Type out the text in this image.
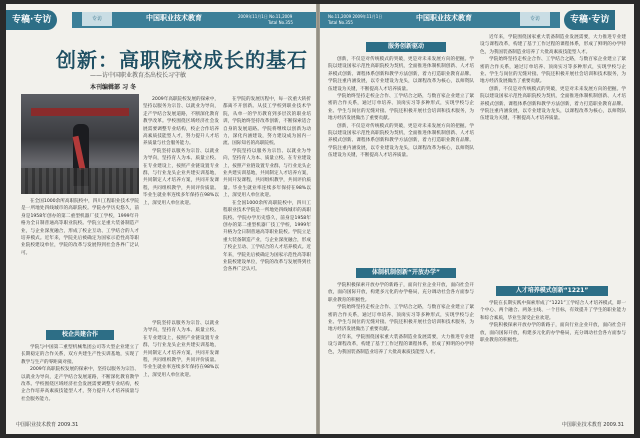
专稿·专访	专访	中国职业技术教育	2009年11月1日 No.11,2009
Total No.355
创新：高职院校成长的基石
——访中国职业教育杰出校长习守敏
本刊编辑部 习 冬

2009年高职院校发展的探索中，坚持以服务为宗旨、以就业为导向，走产学结合发展道路，不断深化教育教学改革。学校围绕区域经济社会发展需要调整专业结构，校企合作培养高素质技能型人才，努力提升人才培养质量与社会服务能力。

学院坚持以服务为宗旨、以就业为导向，坚持育人为本、质量立校。在专业建设上，按照产业链设置专业群，与行业龙头企业共建实训基地，共同制定人才培养方案，共同开发课程，共同组织教学，共同评价质量。毕业生就业率连续多年保持在98%以上，深受用人单位欢迎。

在学院的发展历程中，每一次重大转折都离不开创新。从技工学校到职业技术学院，从单一的学历教育到多层次的职业培训，学院始终坚持改革创新，不断探索适合自身的发展道路。学院将继续以创新为动力，深化内涵建设，努力建设成为国内一流、国际知名的高职院校。

学院坚持以服务为宗旨、以就业为导向，坚持育人为本、质量立校。在专业建设上，按照产业链设置专业群，与行业龙头企业共建实训基地，共同制定人才培养方案，共同开发课程，共同组织教学，共同评价质量。毕业生就业率连续多年保持在98%以上，深受用人单位欢迎。

在全国1000余所高职院校中，四川工程职业技术学院是一所地处四线城市的高职院校。学院办学历史悠久，前身是1958年创办的第二重型机器厂技工学校，1999年升格为全日制普通高等职业院校。学院立足重大装备制造产业，与企业深度融合，形成了校企互动、工学结合的人才培养模式。近年来，学院先后被确定为国家示范性高等职业院校建设单位，学院的改革与发展得到社会各界广泛认可。

在全国1000余所高职院校中，四川工程职业技术学院是一所地处四线城市的高职院校。学院办学历史悠久，前身是1958年创办的第二重型机器厂技工学校，1999年升格为全日制普通高等职业院校。学院立足重大装备制造产业，与企业深度融合，形成了校企互动、工学结合的人才培养模式。近年来，学院先后被确定为国家示范性高等职业院校建设单位，学院的改革与发展得到社会各界广泛认可。

校企共建合作

学院与中国第二重型机械集团公司等大型企业建立了长期稳定的合作关系，双方共建生产性实训基地，实现了教学与生产的零距离对接。

2009年高职院校发展的探索中，坚持以服务为宗旨、以就业为导向，走产学结合发展道路，不断深化教育教学改革。学校围绕区域经济社会发展需要调整专业结构，校企合作培养高素质技能型人才，努力提升人才培养质量与社会服务能力。

学院坚持以服务为宗旨、以就业为导向，坚持育人为本、质量立校。在专业建设上，按照产业链设置专业群，与行业龙头企业共建实训基地，共同制定人才培养方案，共同开发课程，共同组织教学，共同评价质量。毕业生就业率连续多年保持在98%以上，深受用人单位欢迎。

中国职业技术教育 2009.31
No.11,2009 2009年11月1日
Total No.355
中国职业技术教育	专访	专稿·专访
服务创新驱动

创新，不仅是对传统模式的突破，更是对未来发展方向的把握。学院以建设国家示范性高职院校为契机，全面推进体制机制创新、人才培养模式创新、课程体系创新和教学方法创新，着力打造职业教育品牌。学院注重内涵发展，以专业建设为龙头，以课程改革为核心，以师资队伍建设为关键，不断提高人才培养质量。

学院始终坚持走校企合作、工学结合之路，与数百家企业建立了紧密的合作关系，通过订单培养、顶岗实习等多种形式，实现学校与企业、学生与岗位的无缝对接。学院还积极开展社会培训和技术服务，为地方经济发展做出了重要贡献。

创新，不仅是对传统模式的突破，更是对未来发展方向的把握。学院以建设国家示范性高职院校为契机，全面推进体制机制创新、人才培养模式创新、课程体系创新和教学方法创新，着力打造职业教育品牌。学院注重内涵发展，以专业建设为龙头，以课程改革为核心，以师资队伍建设为关键，不断提高人才培养质量。

体制机制创新“开放办学”

学院积极探索开放办学的新路子，面向行业企业开放，面向社会开放，面向国际开放，构建多元化的办学格局，充分调动社会各方面参与职业教育的积极性。

学院始终坚持走校企合作、工学结合之路，与数百家企业建立了紧密的合作关系，通过订单培养、顶岗实习等多种形式，实现学校与企业、学生与岗位的无缝对接。学院还积极开展社会培训和技术服务，为地方经济发展做出了重要贡献。

近年来，学院围绕国家重大装备制造业发展需要，大力推进专业建设与课程改革，构建了基于工作过程的课程体系，形成了鲜明的办学特色，为我国装备制造业培养了大批高素质技能型人才。

近年来，学院围绕国家重大装备制造业发展需要，大力推进专业建设与课程改革，构建了基于工作过程的课程体系，形成了鲜明的办学特色，为我国装备制造业培养了大批高素质技能型人才。

学院始终坚持走校企合作、工学结合之路，与数百家企业建立了紧密的合作关系，通过订单培养、顶岗实习等多种形式，实现学校与企业、学生与岗位的无缝对接。学院还积极开展社会培训和技术服务，为地方经济发展做出了重要贡献。

创新，不仅是对传统模式的突破，更是对未来发展方向的把握。学院以建设国家示范性高职院校为契机，全面推进体制机制创新、人才培养模式创新、课程体系创新和教学方法创新，着力打造职业教育品牌。学院注重内涵发展，以专业建设为龙头，以课程改革为核心，以师资队伍建设为关键，不断提高人才培养质量。

人才培养模式创新“1221”

学院在长期实践中探索形成了“1221”工学结合人才培养模式，即一个中心、两个融合、两条主线、一个目标，有效提升了学生的职业能力和综合素质，毕业生深受企业欢迎。

学院积极探索开放办学的新路子，面向行业企业开放，面向社会开放，面向国际开放，构建多元化的办学格局，充分调动社会各方面参与职业教育的积极性。

中国职业技术教育 2009.31
